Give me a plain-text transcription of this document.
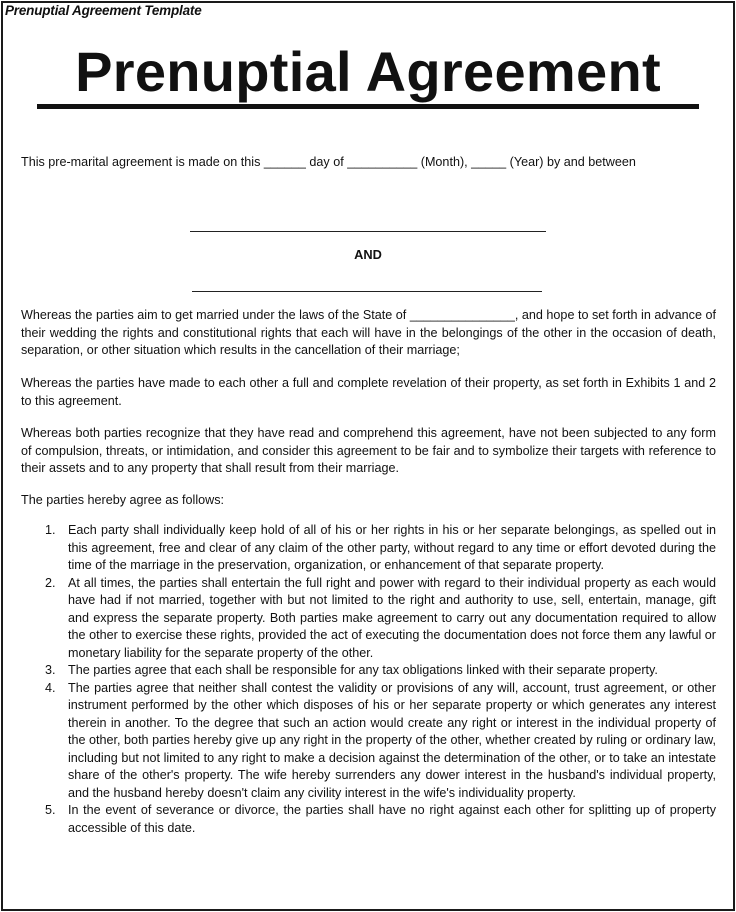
Prenuptial Agreement Template
Prenuptial Agreement
This pre-marital agreement is made on this ______ day of __________ (Month), _____ (Year) by and between
AND
Whereas the parties aim to get married under the laws of the State of _______________, and hope to set forth in advance of their wedding the rights and constitutional rights that each will have in the belongings of the other in the occasion of death, separation, or other situation which results in the cancellation of their marriage;
Whereas the parties have made to each other a full and complete revelation of their property, as set forth in Exhibits 1 and 2 to this agreement.
Whereas both parties recognize that they have read and comprehend this agreement, have not been subjected to any form of compulsion, threats, or intimidation, and consider this agreement to be fair and to symbolize their targets with reference to their assets and to any property that shall result from their marriage.
The parties hereby agree as follows:
1. Each party shall individually keep hold of all of his or her rights in his or her separate belongings, as spelled out in this agreement, free and clear of any claim of the other party, without regard to any time or effort devoted during the time of the marriage in the preservation, organization, or enhancement of that separate property.
2. At all times, the parties shall entertain the full right and power with regard to their individual property as each would have had if not married, together with but not limited to the right and authority to use, sell, entertain, manage, gift and express the separate property. Both parties make agreement to carry out any documentation required to allow the other to exercise these rights, provided the act of executing the documentation does not force them any lawful or monetary liability for the separate property of the other.
3. The parties agree that each shall be responsible for any tax obligations linked with their separate property.
4. The parties agree that neither shall contest the validity or provisions of any will, account, trust agreement, or other instrument performed by the other which disposes of his or her separate property or which generates any interest therein in another. To the degree that such an action would create any right or interest in the individual property of the other, both parties hereby give up any right in the property of the other, whether created by ruling or ordinary law, including but not limited to any right to make a decision against the determination of the other, or to take an intestate share of the other's property. The wife hereby surrenders any dower interest in the husband's individual property, and the husband hereby doesn't claim any civility interest in the wife's individuality property.
5. In the event of severance or divorce, the parties shall have no right against each other for splitting up of property accessible of this date.
